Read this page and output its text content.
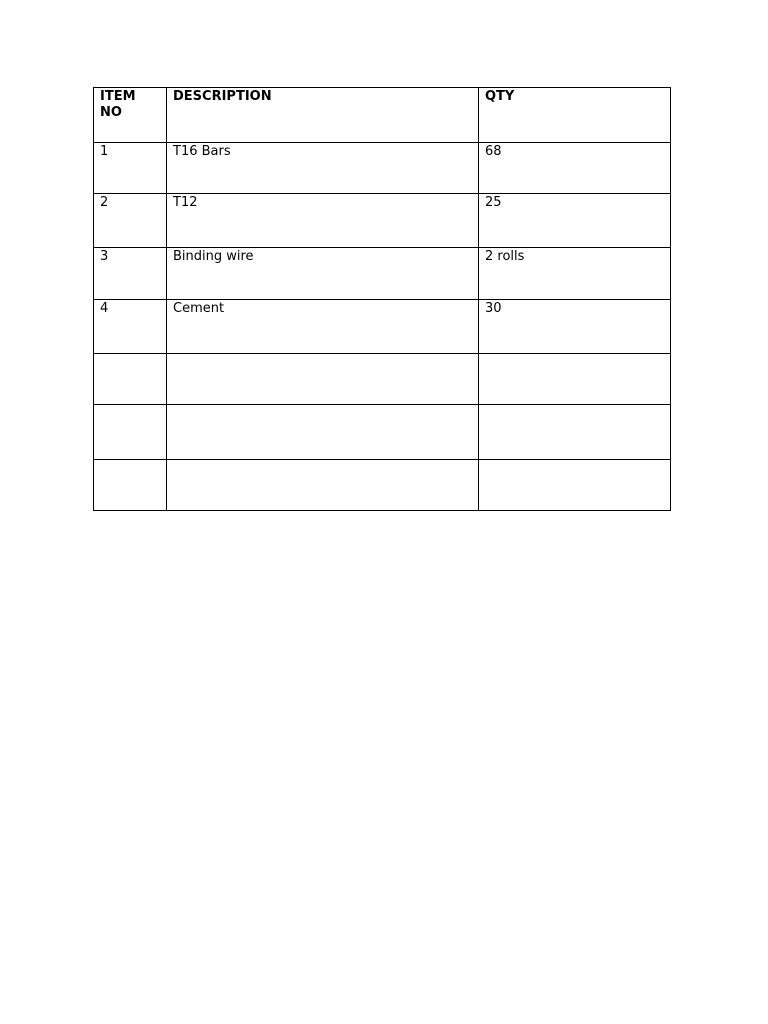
ITEM NO	DESCRIPTION	QTY
1	T16 Bars	68
2	T12	25
3	Binding wire	2 rolls
4	Cement	30
